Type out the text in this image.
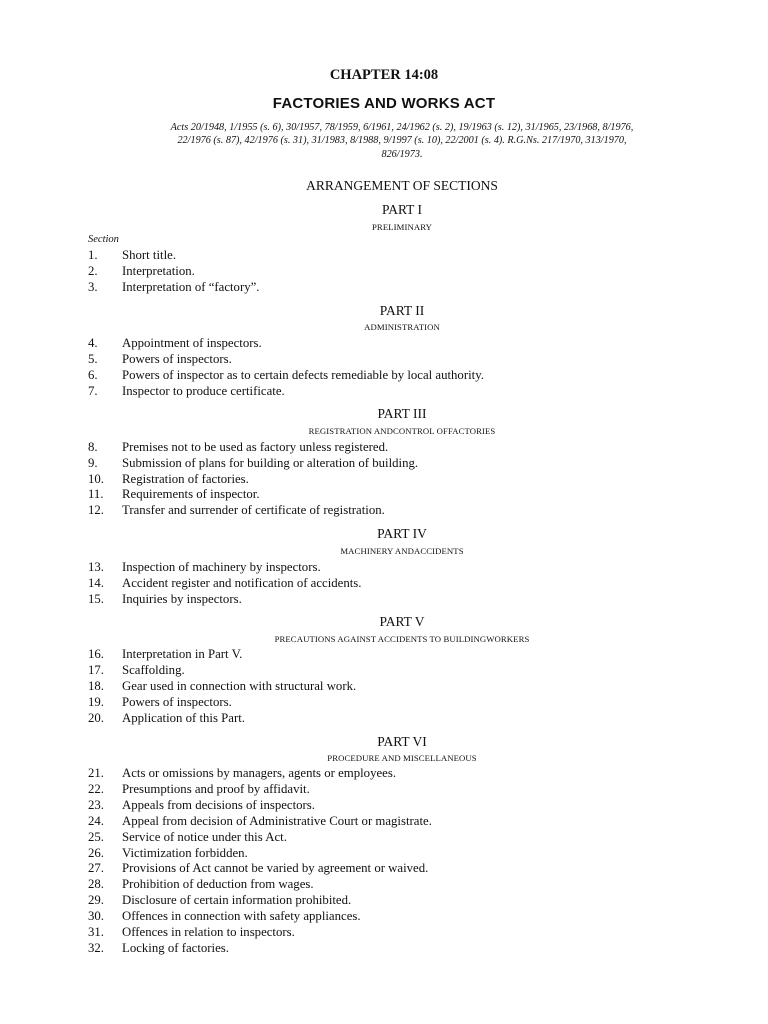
CHAPTER 14:08
FACTORIES AND WORKS ACT
Acts 20/1948, 1/1955 (s. 6), 30/1957, 78/1959, 6/1961, 24/1962 (s. 2), 19/1963 (s. 12), 31/1965, 23/1968, 8/1976,
22/1976 (s. 87), 42/1976 (s. 31), 31/1983, 8/1988, 9/1997 (s. 10), 22/2001 (s. 4). R.G.Ns. 217/1970, 313/1970,
826/1973.
ARRANGEMENT OF SECTIONS
PART I
PRELIMINARY
Section
1. Short title.
2. Interpretation.
3. Interpretation of “factory”.
PART II
ADMINISTRATION
4. Appointment of inspectors.
5. Powers of inspectors.
6. Powers of inspector as to certain defects remediable by local authority.
7. Inspector to produce certificate.
PART III
REGISTRATION ANDCONTROL OFFACTORIES
8. Premises not to be used as factory unless registered.
9. Submission of plans for building or alteration of building.
10. Registration of factories.
11. Requirements of inspector.
12. Transfer and surrender of certificate of registration.
PART IV
MACHINERY ANDACCIDENTS
13. Inspection of machinery by inspectors.
14. Accident register and notification of accidents.
15. Inquiries by inspectors.
PART V
PRECAUTIONS AGAINST ACCIDENTS TO BUILDINGWORKERS
16. Interpretation in Part V.
17. Scaffolding.
18. Gear used in connection with structural work.
19. Powers of inspectors.
20. Application of this Part.
PART VI
PROCEDURE AND MISCELLANEOUS
21. Acts or omissions by managers, agents or employees.
22. Presumptions and proof by affidavit.
23. Appeals from decisions of inspectors.
24. Appeal from decision of Administrative Court or magistrate.
25. Service of notice under this Act.
26. Victimization forbidden.
27. Provisions of Act cannot be varied by agreement or waived.
28. Prohibition of deduction from wages.
29. Disclosure of certain information prohibited.
30. Offences in connection with safety appliances.
31. Offences in relation to inspectors.
32. Locking of factories.
